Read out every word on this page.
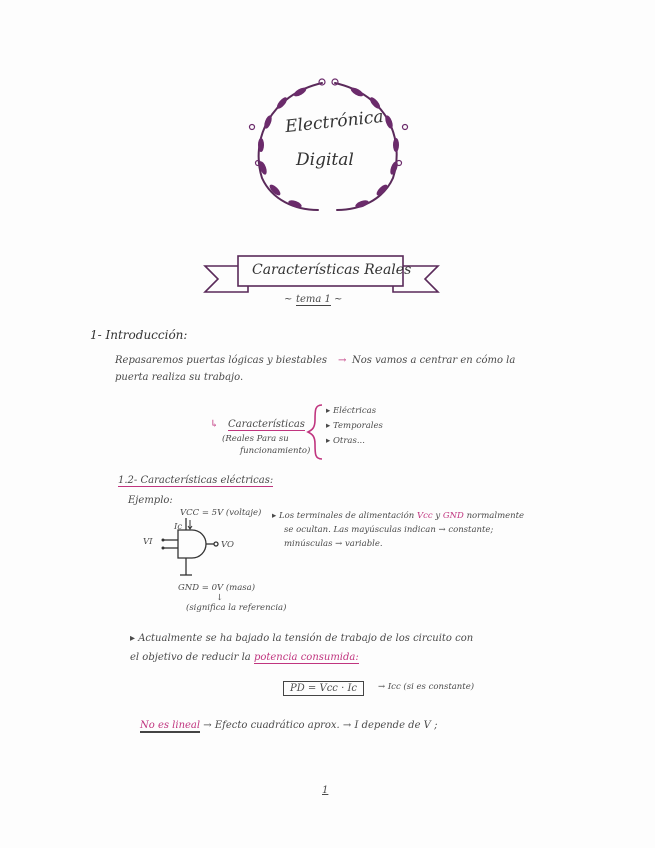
Electrónica
Digital
Características Reales
~ tema 1 ~
1- Introducción:
Repasaremos puertas lógicas y biestables → Nos vamos a centrar en cómo la
puerta realiza su trabajo.
↳ Características
(Reales Para su
funcionamiento)
▸ Eléctricas
▸ Temporales
▸ Otras...
1.2- Características eléctricas:
Ejemplo:
VCC = 5V (voltaje)
Ic
VI	VO
GND = 0V (masa)
↓
(significa la referencia)
▸ Los terminales de alimentación Vcc y GND normalmente
se ocultan. Las mayúsculas indican → constante;
minúsculas → variable.
▸ Actualmente se ha bajado la tensión de trabajo de los circuito con
el objetivo de reducir la potencia consumida:
PD = Vcc · Ic	→ Icc (si es constante)
No es lineal → Efecto cuadrático aprox. → I depende de V ;
1
